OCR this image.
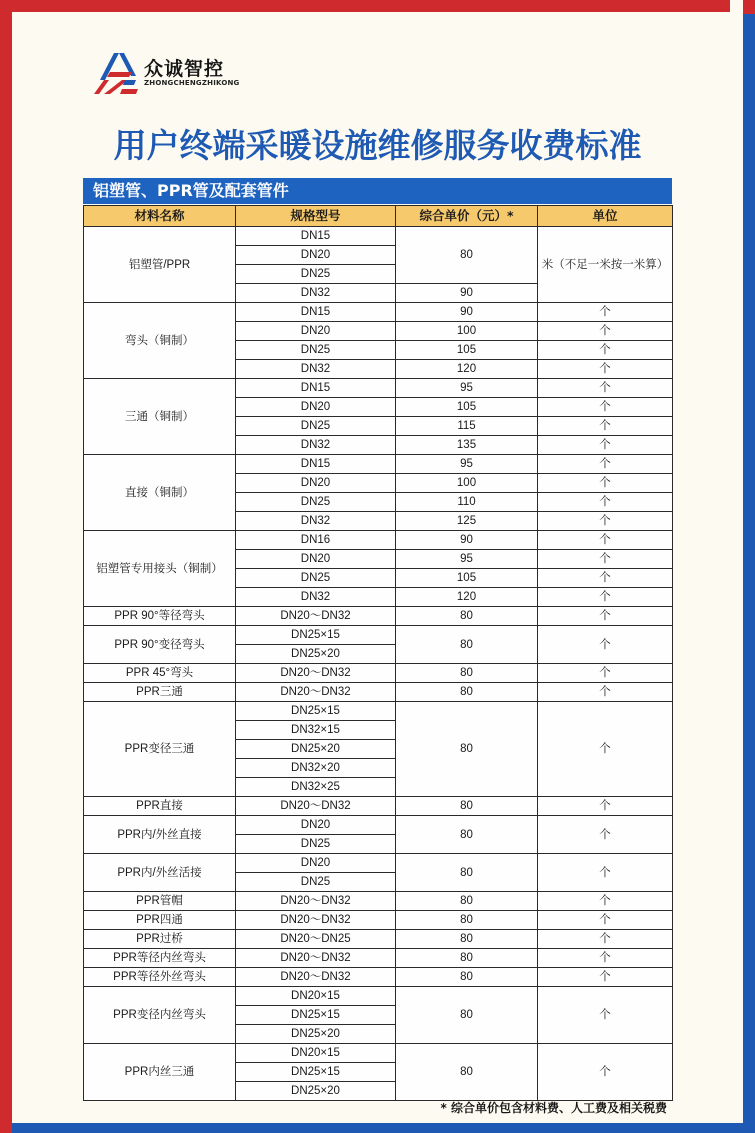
众诚智控
ZHONGCHENGZHIKONG
用户终端采暖设施维修服务收费标准
铝塑管、PPR管及配套管件
材料名称	规格型号	综合单价（元）*	单位
铝塑管/PPR	DN15	80	米（不足一米按一米算）
	DN20		
	DN25		
	DN32	90	
弯头（铜制）	DN15	90	个
	DN20	100	个
	DN25	105	个
	DN32	120	个
三通（铜制）	DN15	95	个
	DN20	105	个
	DN25	115	个
	DN32	135	个
直接（铜制）	DN15	95	个
	DN20	100	个
	DN25	110	个
	DN32	125	个
铝塑管专用接头（铜制）	DN16	90	个
	DN20	95	个
	DN25	105	个
	DN32	120	个
PPR 90°等径弯头	DN20～DN32	80	个
PPR 90°变径弯头	DN25×15	80	个
	DN25×20		
PPR 45°弯头	DN20～DN32	80	个
PPR三通	DN20～DN32	80	个
PPR变径三通	DN25×15	80	个
	DN32×15		
	DN25×20		
	DN32×20		
	DN32×25		
PPR直接	DN20～DN32	80	个
PPR内/外丝直接	DN20	80	个
	DN25		
PPR内/外丝活接	DN20	80	个
	DN25		
PPR管帽	DN20～DN32	80	个
PPR四通	DN20～DN32	80	个
PPR过桥	DN20～DN25	80	个
PPR等径内丝弯头	DN20～DN32	80	个
PPR等径外丝弯头	DN20～DN32	80	个
PPR变径内丝弯头	DN20×15	80	个
	DN25×15		
	DN25×20		
PPR内丝三通	DN20×15	80	个
	DN25×15		
	DN25×20		
* 综合单价包含材料费、人工费及相关税费
